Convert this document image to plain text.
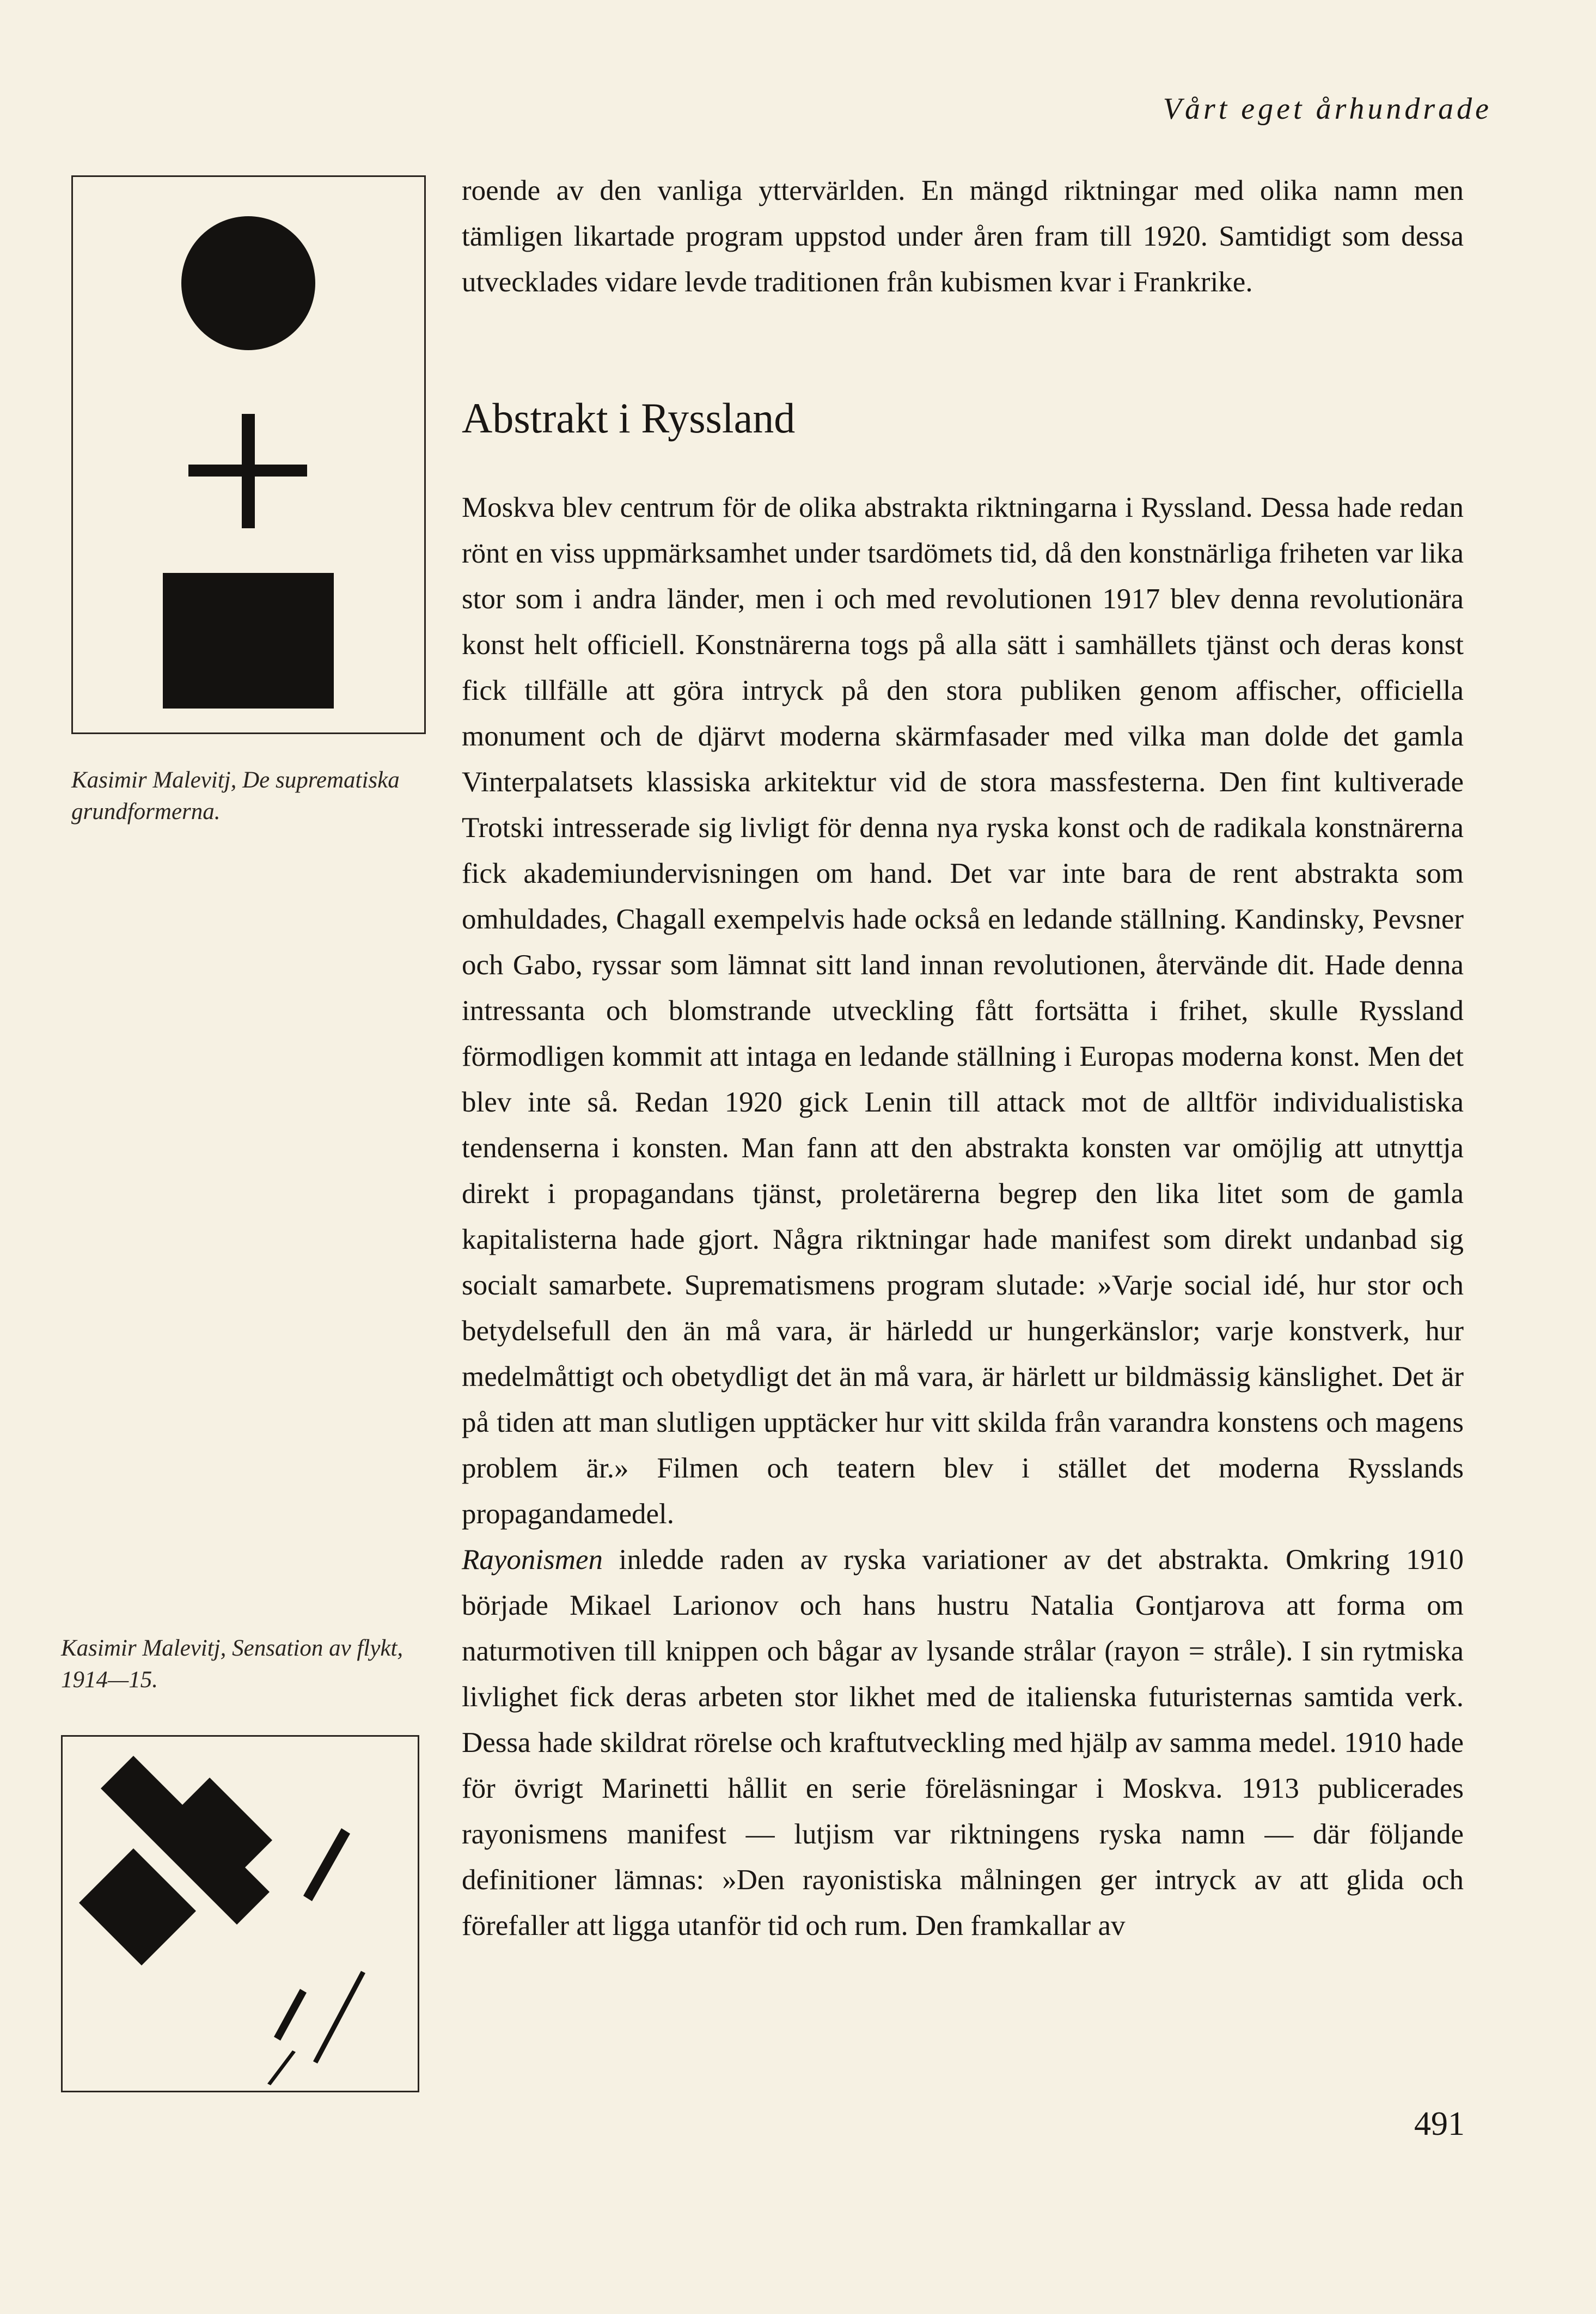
Vårt eget århundrade
Kasimir Malevitj, De suprematiska grundformerna.
Kasimir Malevitj, Sensation av flykt, 1914—15.

roende av den vanliga yttervärlden. En mängd riktningar med olika namn men tämligen likartade program uppstod under åren fram till 1920. Samtidigt som dessa utvecklades vidare levde traditionen från kubismen kvar i Frankrike.

Abstrakt i Ryssland

Moskva blev centrum för de olika abstrakta riktningarna i Ryssland. Dessa hade redan rönt en viss uppmärksamhet under tsardömets tid, då den konstnärliga friheten var lika stor som i andra länder, men i och med revolutionen 1917 blev denna revolutionära konst helt officiell. Konstnärerna togs på alla sätt i samhällets tjänst och deras konst fick tillfälle att göra intryck på den stora publiken genom affischer, officiella monument och de djärvt moderna skärmfasader med vilka man dolde det gamla Vinterpalatsets klassiska arkitektur vid de stora massfesterna. Den fint kultiverade Trotski intresserade sig livligt för denna nya ryska konst och de radikala konstnärerna fick akademiundervisningen om hand. Det var inte bara de rent abstrakta som omhuldades, Chagall exempelvis hade också en ledande ställning. Kandinsky, Pevsner och Gabo, ryssar som lämnat sitt land innan revolutionen, återvände dit. Hade denna intressanta och blomstrande utveckling fått fortsätta i frihet, skulle Ryssland förmodligen kommit att intaga en ledande ställning i Europas moderna konst. Men det blev inte så. Redan 1920 gick Lenin till attack mot de alltför individualistiska tendenserna i konsten. Man fann att den abstrakta konsten var omöjlig att utnyttja direkt i propagandans tjänst, proletärerna begrep den lika litet som de gamla kapitalisterna hade gjort. Några riktningar hade manifest som direkt undanbad sig socialt samarbete. Suprematismens program slutade: »Varje social idé, hur stor och betydelsefull den än må vara, är härledd ur hungerkänslor; varje konstverk, hur medelmåttigt och obetydligt det än må vara, är härlett ur bildmässig känslighet. Det är på tiden att man slutligen upptäcker hur vitt skilda från varandra konstens och magens problem är.» Filmen och teatern blev i stället det moderna Rysslands propagandamedel.

Rayonismen inledde raden av ryska variationer av det abstrakta. Omkring 1910 började Mikael Larionov och hans hustru Natalia Gontjarova att forma om naturmotiven till knippen och bågar av lysande strålar (rayon = stråle). I sin rytmiska livlighet fick deras arbeten stor likhet med de italienska futuristernas samtida verk. Dessa hade skildrat rörelse och kraftutveckling med hjälp av samma medel. 1910 hade för övrigt Marinetti hållit en serie föreläsningar i Moskva. 1913 publicerades rayonismens manifest — lutjism var riktningens ryska namn — där följande definitioner lämnas: »Den rayonistiska målningen ger intryck av att glida och förefaller att ligga utanför tid och rum. Den framkallar av

491
